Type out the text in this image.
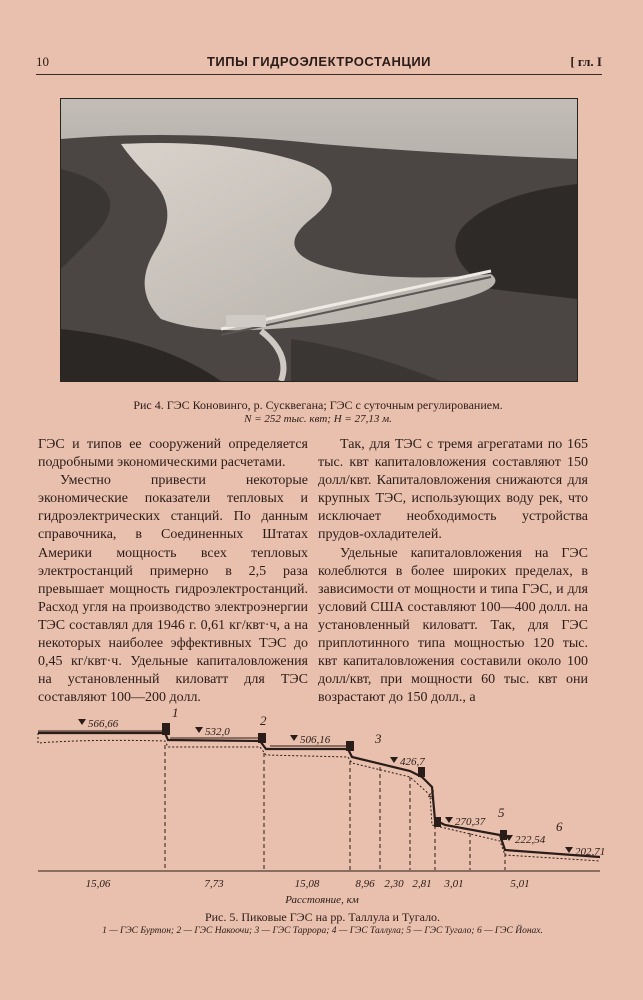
10	ТИПЫ ГИДРОЭЛЕКТРОСТАНЦИИ	[ гл. I
Рис 4. ГЭС Коновинго, р. Сусквегана; ГЭС с суточным регулированием.
N = 252 тыс. квт; H = 27,13 м.

ГЭС и типов ее сооружений определяется подробными экономическими расчетами.

Уместно привести некоторые экономические показатели тепловых и гидроэлектрических станций. По данным справочника, в Соединенных Штатах Америки мощность всех тепловых электростанций примерно в 2,5 раза превышает мощность гидроэлектростанций. Расход угля на производство электроэнергии ТЭС составлял для 1946 г. 0,61 кг/квт·ч, а на некоторых наиболее эффективных ТЭС до 0,45 кг/квт·ч. Удельные капиталовложения на установленный киловатт для ТЭС составляют 100—200 долл.

Так, для ТЭС с тремя агрегатами по 165 тыс. квт капиталовложения составляют 150 долл/квт. Капиталовложения снижаются для крупных ТЭС, использующих воду рек, что исключает необходимость устройства прудов-охладителей.

Удельные капиталовложения на ГЭС колеблются в более широких пределах, в зависимости от мощности и типа ГЭС, и для условий США составляют 100—400 долл. на установленный киловатт. Так, для ГЭС приплотинного типа мощностью 120 тыс. квт капиталовложения составили около 100 долл/квт, при мощности 60 тыс. квт они возрастают до 150 долл., а

566,66
532,0
506,16
426,7
270,37
222,54
202,71
1
2
3
4
5
6
15,06	7,73	15,08	8,96 2,30 2,81 3,01	5,01
Расстояние, км
Рис. 5. Пиковые ГЭС на рр. Таллула и Тугало.
1 — ГЭС Буртон; 2 — ГЭС Накоочи; 3 — ГЭС Таррора; 4 — ГЭС Таллула; 5 — ГЭС Тугало; 6 — ГЭС Йонах.
